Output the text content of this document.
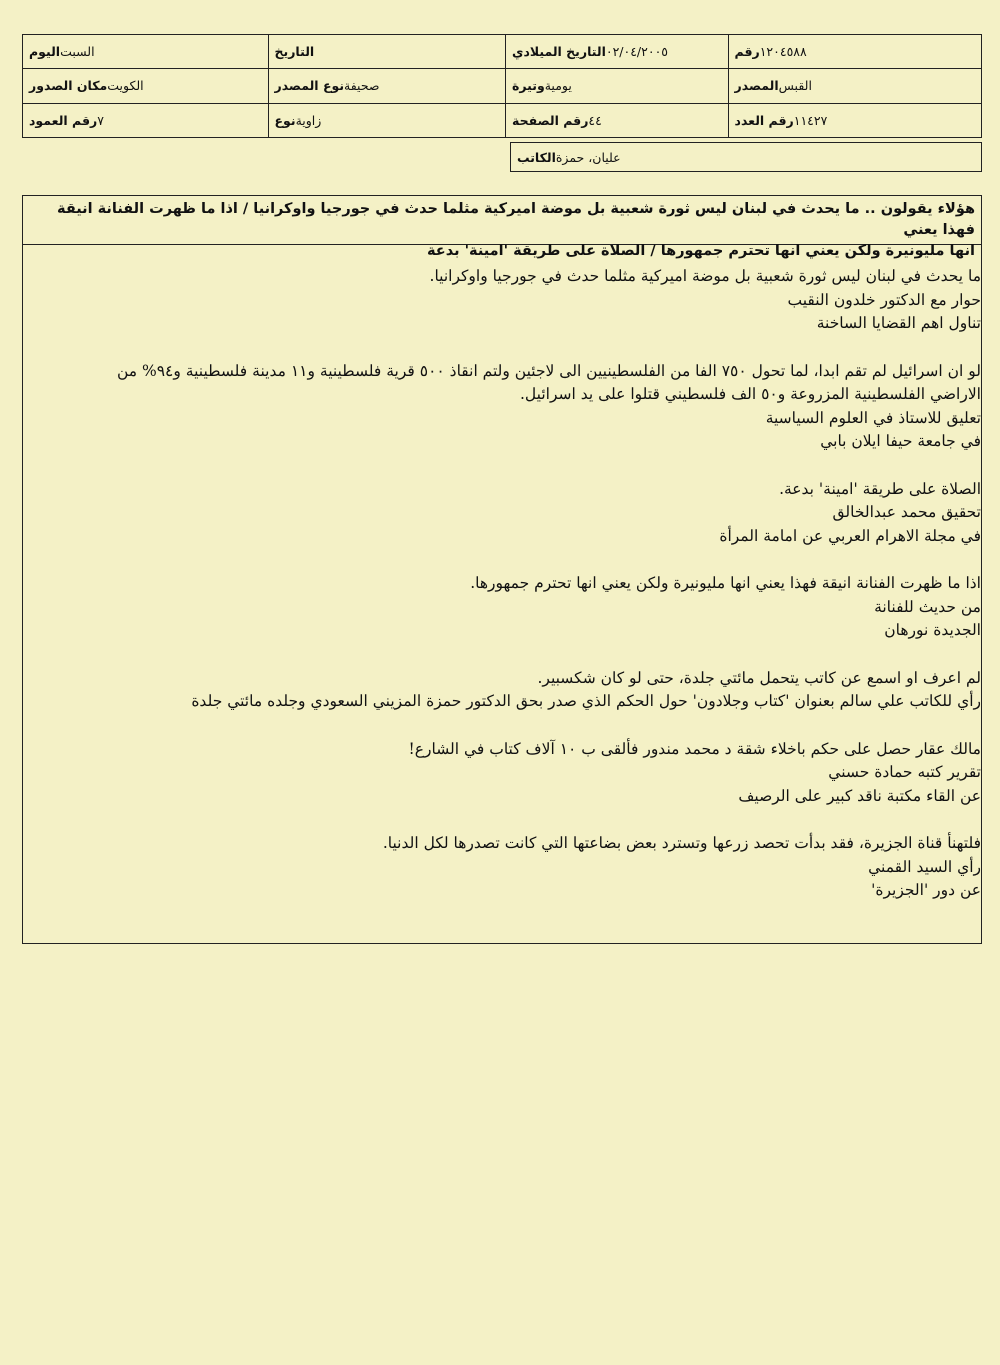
رقم ١٢٠٤٥٨٨
المصدر القبس
رقم العدد ١١٤٢٧
التاريخ الميلادي ٠٢/٠٤/٢٠٠٥
وتيرة يومية
رقم الصفحة ٤٤
التاريخ
نوع المصدر صحيفة
نوع زاوية
اليوم السبت
مكان الصدور الكويت
رقم العمود ٧
الكاتب عليان، حمزة
هؤلاء يقولون .. ما يحدث في لبنان ليس ثورة شعبية بل موضة اميركية مثلما حدث في جورجيا واوكرانيا / اذا ما ظهرت الفنانة انيقة فهذا يعني
انها مليونيرة ولكن يعني انها تحترم جمهورها / الصلاة على طريقة 'امينة' بدعة
ما يحدث في لبنان ليس ثورة شعبية بل موضة اميركية مثلما حدث في جورجيا واوكرانيا.
حوار مع الدكتور خلدون النقيب
تناول اهم القضايا الساخنة
لو ان اسرائيل لم تقم ابدا، لما تحول ٧٥٠ الفا من الفلسطينيين الى لاجئين ولتم انقاذ ٥٠٠ قرية فلسطينية و١١ مدينة فلسطينية و٩٤% من
الاراضي الفلسطينية المزروعة و٥٠ الف فلسطيني قتلوا على يد اسرائيل.
تعليق للاستاذ في العلوم السياسية
في جامعة حيفا ايلان بابي
الصلاة على طريقة 'امينة' بدعة.
تحقيق محمد عبدالخالق
في مجلة الاهرام العربي عن امامة المرأة
اذا ما ظهرت الفنانة انيقة فهذا يعني انها مليونيرة ولكن يعني انها تحترم جمهورها.
من حديث للفنانة
الجديدة نورهان
لم اعرف او اسمع عن كاتب يتحمل مائتي جلدة، حتى لو كان شكسبير.
رأي للكاتب علي سالم بعنوان 'كتاب وجلادون' حول الحكم الذي صدر بحق الدكتور حمزة المزيني السعودي وجلده مائتي جلدة
مالك عقار حصل على حكم باخلاء شقة د محمد مندور فألقى ب ١٠ آلاف كتاب في الشارع!
تقرير كتبه حمادة حسني
عن القاء مكتبة ناقد كبير على الرصيف
فلتهنأ قناة الجزيرة، فقد بدأت تحصد زرعها وتسترد بعض بضاعتها التي كانت تصدرها لكل الدنيا.
رأي السيد القمني
عن دور 'الجزيرة'
